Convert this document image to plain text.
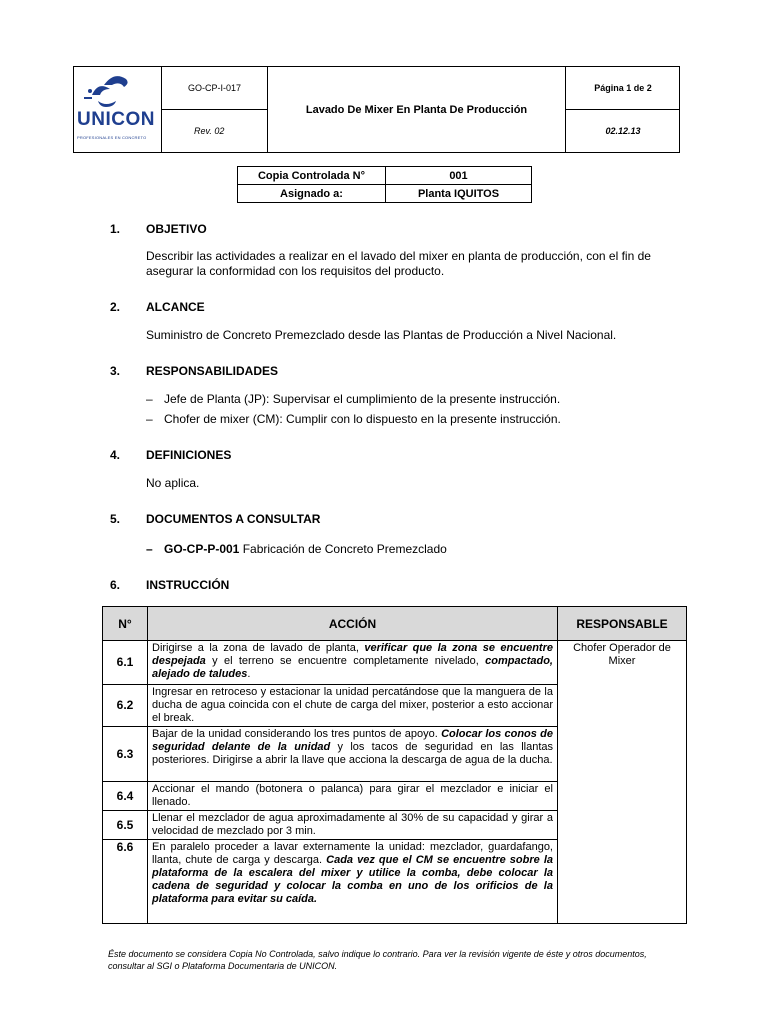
UNICON
PROFESIONALES EN CONCRETO
GO-CP-I-017
Rev. 02
Lavado De Mixer En Planta De Producción
Página 1 de 2
02.12.13
Copia Controlada N°	001
Asignado a:	Planta IQUITOS
1. OBJETIVO
Describir las actividades a realizar en el lavado del mixer en planta de producción, con el fin de asegurar la conformidad con los requisitos del producto.
2. ALCANCE
Suministro de Concreto Premezclado desde las Plantas de Producción a Nivel Nacional.
3. RESPONSABILIDADES
– Jefe de Planta (JP): Supervisar el cumplimiento de la presente instrucción.
– Chofer de mixer (CM): Cumplir con lo dispuesto en la presente instrucción.
4. DEFINICIONES
No aplica.
5. DOCUMENTOS A CONSULTAR
– GO-CP-P-001 Fabricación de Concreto Premezclado
6. INSTRUCCIÓN
N°	ACCIÓN	RESPONSABLE
6.1	Dirigirse a la zona de lavado de planta, verificar que la zona se encuentre despejada y el terreno se encuentre completamente nivelado, compactado, alejado de taludes.	Chofer Operador de Mixer
6.2	Ingresar en retroceso y estacionar la unidad percatándose que la manguera de la ducha de agua coincida con el chute de carga del mixer, posterior a esto accionar el break.	
6.3	Bajar de la unidad considerando los tres puntos de apoyo. Colocar los conos de seguridad delante de la unidad y los tacos de seguridad en las llantas posteriores. Dirigirse a abrir la llave que acciona la descarga de agua de la ducha.	
6.4	Accionar el mando (botonera o palanca) para girar el mezclador e iniciar el llenado.	
6.5	Llenar el mezclador de agua aproximadamente al 30% de su capacidad y girar a velocidad de mezclado por 3 min.	
6.6	En paralelo proceder a lavar externamente la unidad: mezclador, guardafango, llanta, chute de carga y descarga. Cada vez que el CM se encuentre sobre la plataforma de la escalera del mixer y utilice la comba, debe colocar la cadena de seguridad y colocar la comba en uno de los orificios de la plataforma para evitar su caída.	
Éste documento se considera Copia No Controlada, salvo indique lo contrario. Para ver la revisión vigente de éste y otros documentos, consultar al SGI o Plataforma Documentaria de UNICON.
